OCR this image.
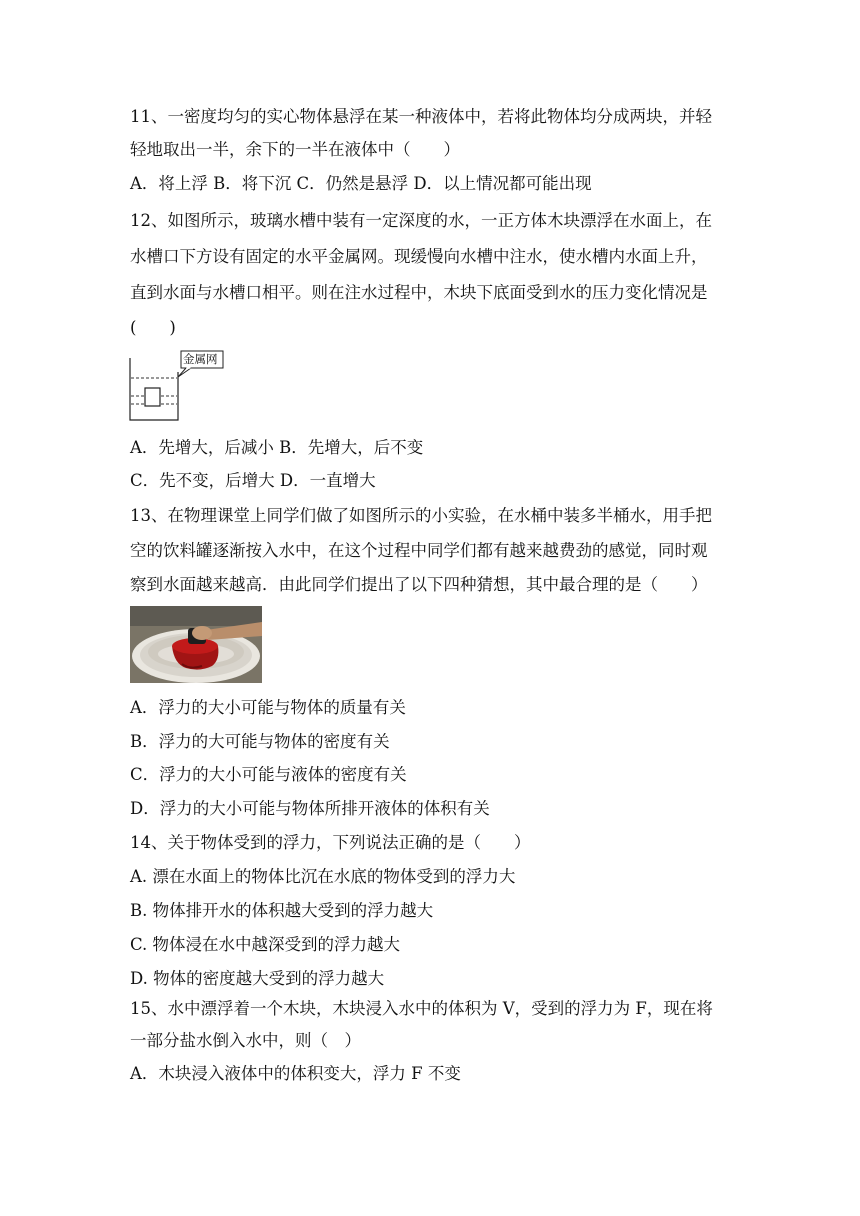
11、一密度均匀的实心物体悬浮在某一种液体中，若将此物体均分成两块，并轻

轻地取出一半，余下的一半在液体中（　　）

A．将上浮 B．将下沉 C．仍然是悬浮 D．以上情况都可能出现

12、如图所示，玻璃水槽中装有一定深度的水，一正方体木块漂浮在水面上，在

水槽口下方设有固定的水平金属网。现缓慢向水槽中注水，使水槽内水面上升，

直到水面与水槽口相平。则在注水过程中，木块下底面受到水的压力变化情况是

(　　)

金属网

A．先增大，后减小 B．先增大，后不变

C．先不变，后增大 D．一直增大

13、在物理课堂上同学们做了如图所示的小实验，在水桶中装多半桶水，用手把

空的饮料罐逐渐按入水中，在这个过程中同学们都有越来越费劲的感觉，同时观

察到水面越来越高．由此同学们提出了以下四种猜想，其中最合理的是（　　）

A．浮力的大小可能与物体的质量有关

B．浮力的大可能与物体的密度有关

C．浮力的大小可能与液体的密度有关

D．浮力的大小可能与物体所排开液体的体积有关

14、关于物体受到的浮力，下列说法正确的是（　　）

A. 漂在水面上的物体比沉在水底的物体受到的浮力大

B. 物体排开水的体积越大受到的浮力越大

C. 物体浸在水中越深受到的浮力越大

D. 物体的密度越大受到的浮力越大

15、水中漂浮着一个木块，木块浸入水中的体积为 V，受到的浮力为 F，现在将

一部分盐水倒入水中，则（　）

A．木块浸入液体中的体积变大，浮力 F 不变
